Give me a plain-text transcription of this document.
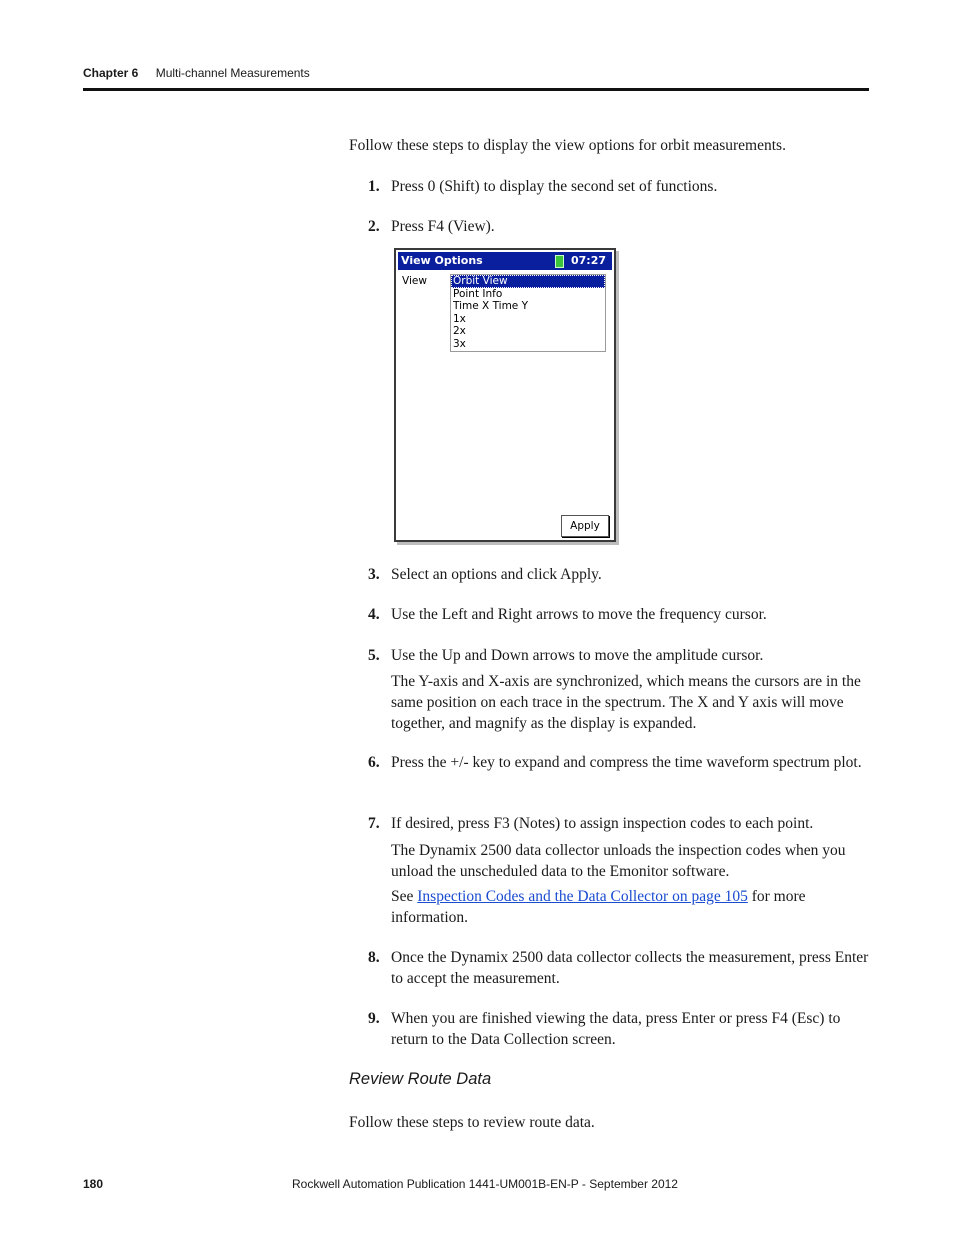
Chapter 6 Multi-channel Measurements
Follow these steps to display the view options for orbit measurements.
1. Press 0 (Shift) to display the second set of functions.
2. Press F4 (View).
View Options	07:27
View Orbit View
Point Info
Time X Time Y
1x
2x
3x
Apply
3. Select an options and click Apply.
4. Use the Left and Right arrows to move the frequency cursor.
5. Use the Up and Down arrows to move the amplitude cursor.
The Y-axis and X-axis are synchronized, which means the cursors are in the same position on each trace in the spectrum. The X and Y axis will move together, and magnify as the display is expanded.
6. Press the +/- key to expand and compress the time waveform spectrum plot.
7. If desired, press F3 (Notes) to assign inspection codes to each point.
The Dynamix 2500 data collector unloads the inspection codes when you unload the unscheduled data to the Emonitor software.
See Inspection Codes and the Data Collector on page 105 for more information.
8. Once the Dynamix 2500 data collector collects the measurement, press Enter to accept the measurement.
9. When you are finished viewing the data, press Enter or press F4 (Esc) to return to the Data Collection screen.
Review Route Data
Follow these steps to review route data.
180	Rockwell Automation Publication 1441-UM001B-EN-P - September 2012
